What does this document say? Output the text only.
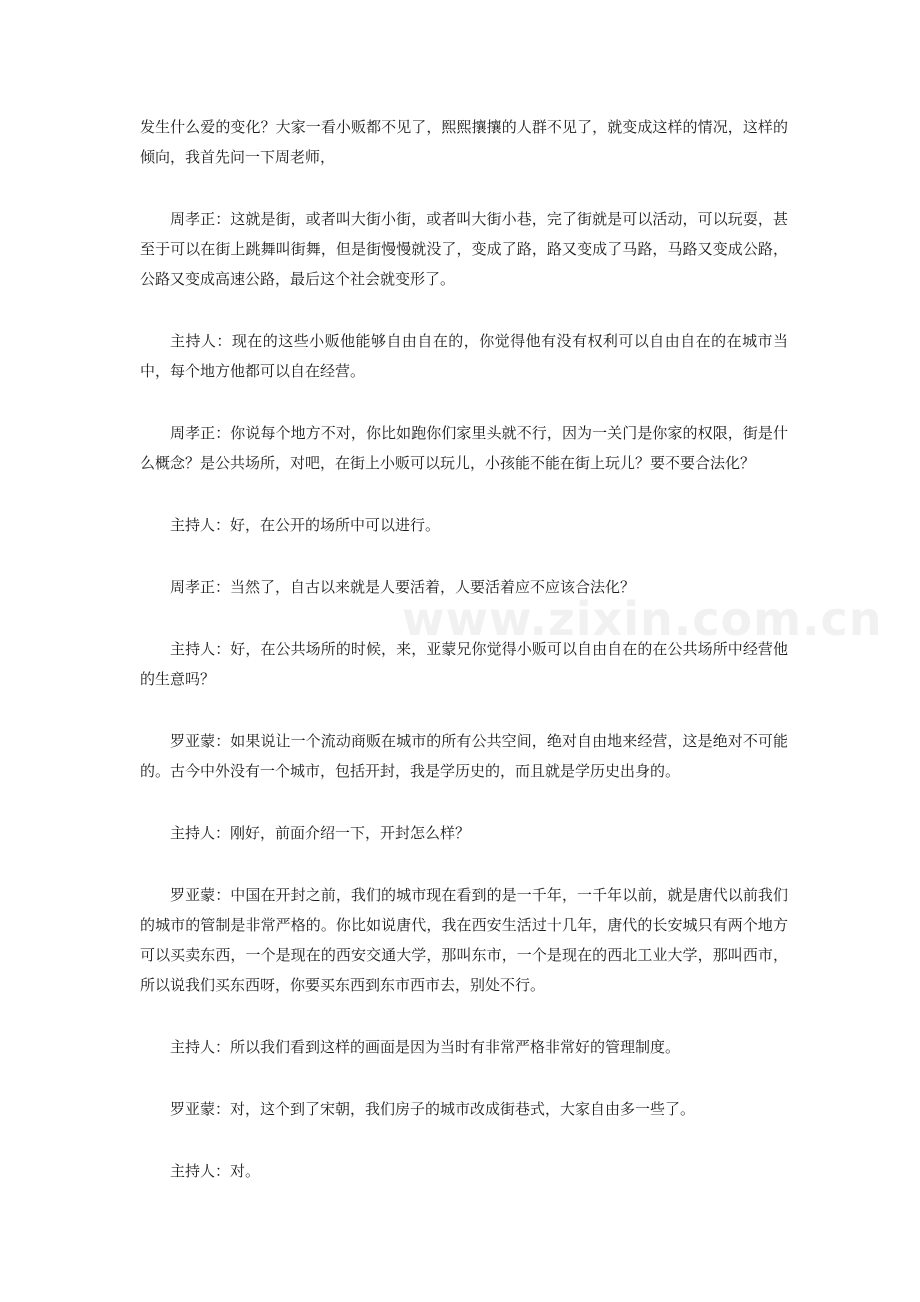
发生什么爱的变化？大家一看小贩都不见了，熙熙攘攘的人群不见了，就变成这样的情况，这样的倾向，我首先问一下周老师，

周孝正：这就是街，或者叫大街小街，或者叫大街小巷，完了街就是可以活动，可以玩耍，甚至于可以在街上跳舞叫街舞，但是街慢慢就没了，变成了路，路又变成了马路，马路又变成公路，公路又变成高速公路，最后这个社会就变形了。

主持人：现在的这些小贩他能够自由自在的，你觉得他有没有权利可以自由自在的在城市当中，每个地方他都可以自在经营。

周孝正：你说每个地方不对，你比如跑你们家里头就不行，因为一关门是你家的权限，街是什么概念？是公共场所，对吧，在街上小贩可以玩儿，小孩能不能在街上玩儿？要不要合法化？

主持人：好，在公开的场所中可以进行。

周孝正：当然了，自古以来就是人要活着，人要活着应不应该合法化？

主持人：好，在公共场所的时候，来，亚蒙兄你觉得小贩可以自由自在的在公共场所中经营他的生意吗？

罗亚蒙：如果说让一个流动商贩在城市的所有公共空间，绝对自由地来经营，这是绝对不可能的。古今中外没有一个城市，包括开封，我是学历史的，而且就是学历史出身的。

主持人：刚好，前面介绍一下，开封怎么样？

罗亚蒙：中国在开封之前，我们的城市现在看到的是一千年，一千年以前，就是唐代以前我们的城市的管制是非常严格的。你比如说唐代，我在西安生活过十几年，唐代的长安城只有两个地方可以买卖东西，一个是现在的西安交通大学，那叫东市，一个是现在的西北工业大学，那叫西市，所以说我们买东西呀，你要买东西到东市西市去，别处不行。

主持人：所以我们看到这样的画面是因为当时有非常严格非常好的管理制度。

罗亚蒙：对，这个到了宋朝，我们房子的城市改成街巷式，大家自由多一些了。

主持人：对。

www.zixin.com.cn
